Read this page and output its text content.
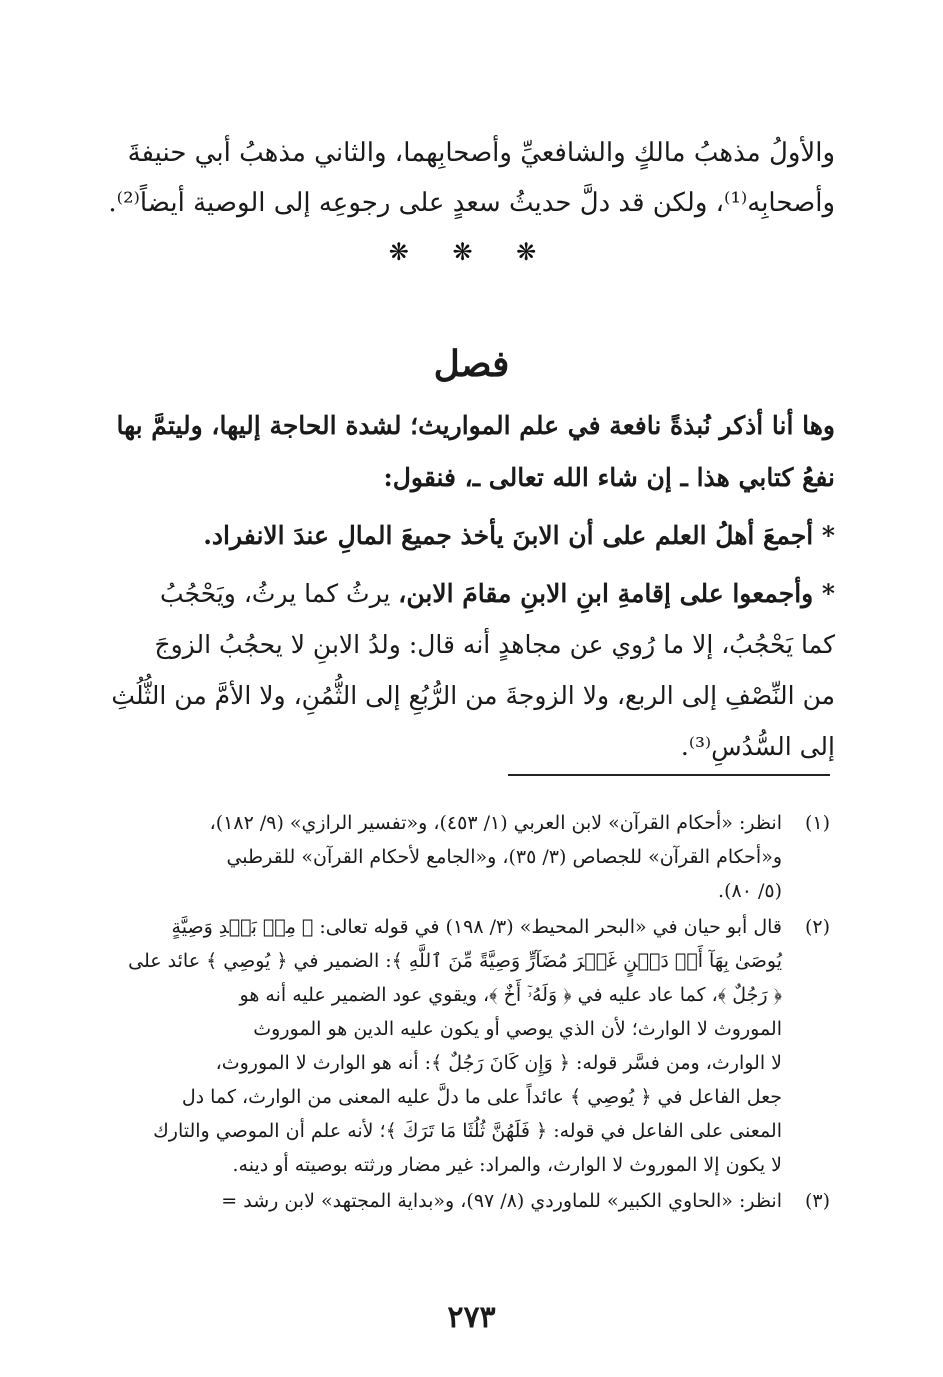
والأولُ مذهبُ مالكٍ والشافعيِّ وأصحابِهما، والثاني مذهبُ أبي حنيفةَ
وأصحابِه⁽¹⁾، ولكن قد دلَّ حديثُ سعدٍ على رجوعِه إلى الوصية أيضاً⁽²⁾.
❋ ❋ ❋
فصل

وها أنا أذكر نُبذةً نافعة في علم المواريث؛ لشدة الحاجة إليها، وليتمَّ بها
نفعُ كتابي هذا ـ إن شاء الله تعالى ـ، فنقول:

* أجمعَ أهلُ العلم على أن الابنَ يأخذ جميعَ المالِ عندَ الانفراد.

* وأجمعوا على إقامةِ ابنِ الابنِ مقامَ الابن، يرثُ كما يرثُ، ويَحْجُبُ
كما يَحْجُبُ، إلا ما رُوي عن مجاهدٍ أنه قال: ولدُ الابنِ لا يحجُبُ الزوجَ
من النِّصْفِ إلى الربع، ولا الزوجةَ من الرُّبُعِ إلى الثُّمُنِ، ولا الأمَّ من الثُّلُثِ
إلى السُّدُسِ⁽³⁾.
(١)
انظر: «أحكام القرآن» لابن العربي (١/ ٤٥٣)، و«تفسير الرازي» (٩/ ١٨٢)،
و«أحكام القرآن» للجصاص (٣/ ٣٥)، و«الجامع لأحكام القرآن» للقرطبي
(٥/ ٨٠).
(٢)
قال أبو حيان في «البحر المحيط» (٣/ ١٩٨) في قوله تعالى: ﴿ مِنۢ بَعۡدِ وَصِيَّةٍ
يُوصَىٰ بِهَآ أَوۡ دَيۡنٍ غَيۡرَ مُضَآرٍّ وَصِيَّةً مِّنَ ٱللَّهِ ﴾: الضمير في ﴿ يُوصِي ﴾ عائد على
﴿ رَجُلٌ ﴾، كما عاد عليه في ﴿ وَلَهُۥٓ أَخٌ ﴾، ويقوي عود الضمير عليه أنه هو
الموروث لا الوارث؛ لأن الذي يوصي أو يكون عليه الدين هو الموروث
لا الوارث، ومن فسَّر قوله: ﴿ وَإِن كَانَ رَجُلٌ ﴾: أنه هو الوارث لا الموروث،
جعل الفاعل في ﴿ يُوصِي ﴾ عائداً على ما دلَّ عليه المعنى من الوارث، كما دل
المعنى على الفاعل في قوله: ﴿ فَلَهُنَّ ثُلُثَا مَا تَرَكَ ﴾؛ لأنه علم أن الموصي والتارك
لا يكون إلا الموروث لا الوارث، والمراد: غير مضار ورثته بوصيته أو دينه.
(٣)
انظر: «الحاوي الكبير» للماوردي (٨/ ٩٧)، و«بداية المجتهد» لابن رشد =
٢٧٣
